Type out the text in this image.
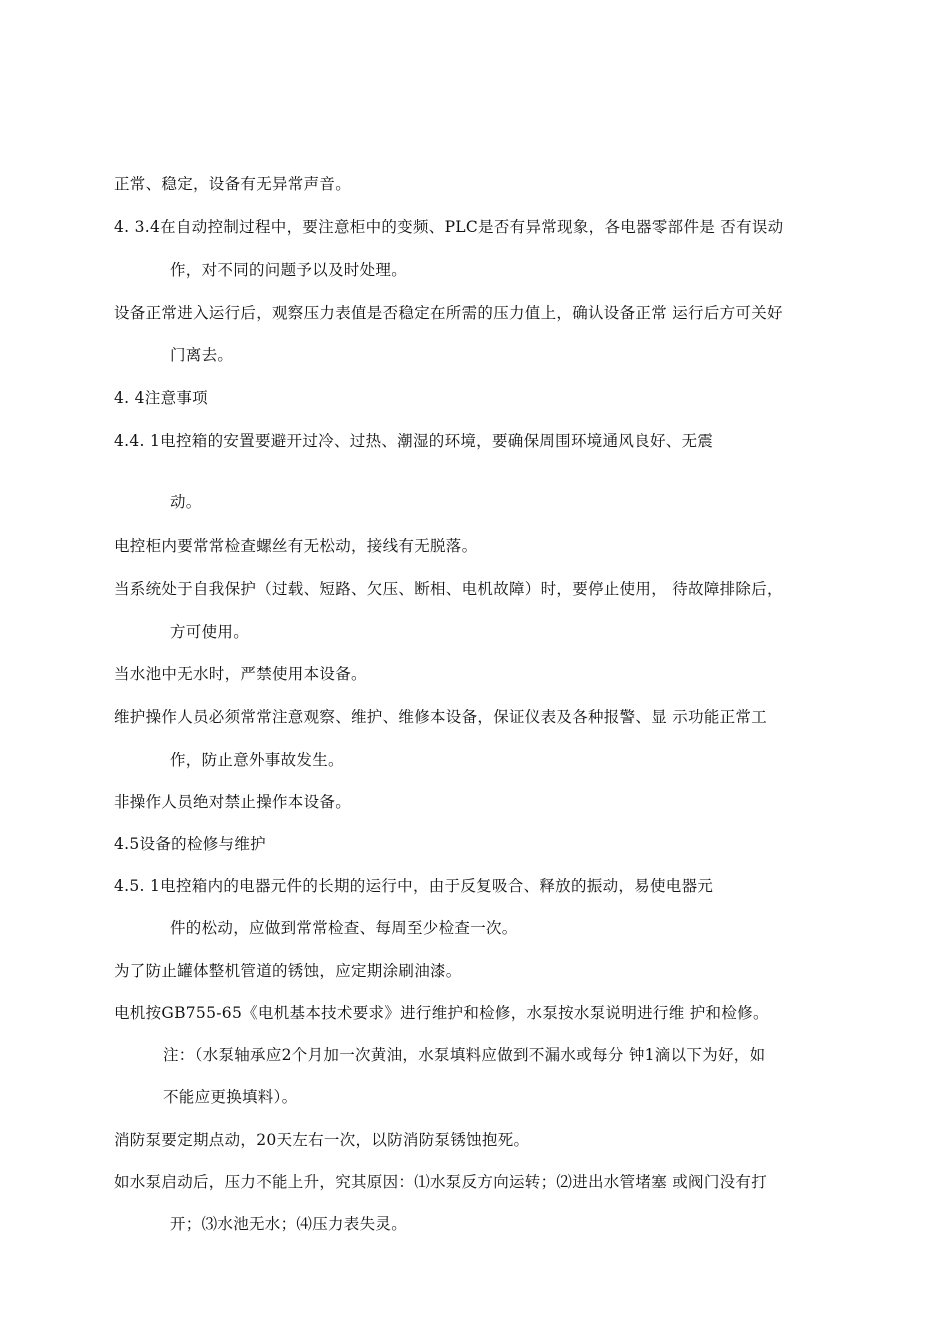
正常、稳定，设备有无异常声音。
4. 3.4在自动控制过程中，要注意柜中的变频、PLC是否有异常现象，各电器零部件是 否有误动
作，对不同的问题予以及时处理。
设备正常进入运行后，观察压力表值是否稳定在所需的压力值上，确认设备正常 运行后方可关好
门离去。
4. 4注意事项
4.4. 1电控箱的安置要避开过冷、过热、潮湿的环境，要确保周围环境通风良好、无震
动。
电控柜内要常常检查螺丝有无松动，接线有无脱落。
当系统处于自我保护（过载、短路、欠压、断相、电机故障）时，要停止使用， 待故障排除后，
方可使用。
当水池中无水时，严禁使用本设备。
维护操作人员必须常常注意观察、维护、维修本设备，保证仪表及各种报警、显 示功能正常工
作，防止意外事故发生。
非操作人员绝对禁止操作本设备。
4.5设备的检修与维护
4.5. 1电控箱内的电器元件的长期的运行中，由于反复吸合、释放的振动，易使电器元
件的松动，应做到常常检查、每周至少检查一次。
为了防止罐体整机管道的锈蚀，应定期涂刷油漆。
电机按GB755-65《电机基本技术要求》进行维护和检修，水泵按水泵说明进行维 护和检修。
注：（水泵轴承应2个月加一次黄油，水泵填料应做到不漏水或每分 钟1滴以下为好，如
不能应更换填料）。
消防泵要定期点动，20天左右一次，以防消防泵锈蚀抱死。
如水泵启动后，压力不能上升，究其原因：⑴水泵反方向运转；⑵进出水管堵塞 或阀门没有打
开；⑶水池无水；⑷压力表失灵。
